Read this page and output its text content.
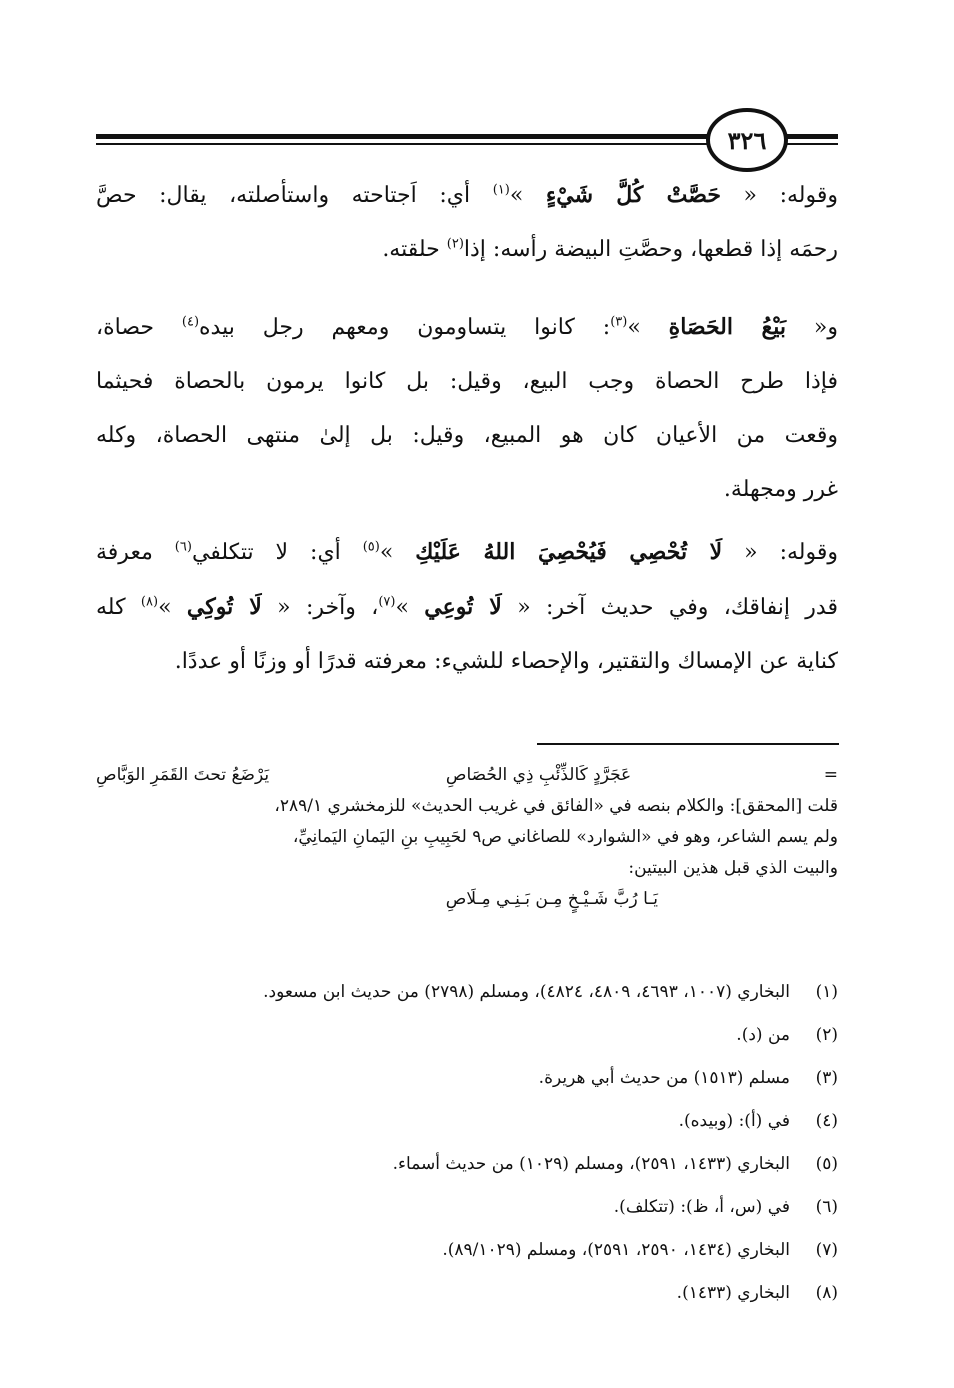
٣٢٦

وقوله: « حَصَّتْ كُلَّ شَيْءٍ »$^{(١)}$ أي: اَجتاحته واستأصلته، يقال: حصَّ

رحمَه إذا قطعها، وحصَّتِ البيضة رأسه: إذا$^{(٢)}$ حلقته.

و« بَيْعُ الحَصَاةِ »$^{(٣)}$: كانوا يتساومون ومعهم رجل بيده$^{(٤)}$ حصاة،

فإذا طرح الحصاة وجب البيع، وقيل: بل كانوا يرمون بالحصاة فحيثما

وقعت من الأعيان كان هو المبيع، وقيل: بل إلىٰ منتهى الحصاة، وكله

غرر ومجهلة.

وقوله: « لَا تُحْصِي فَيُحْصِيَ اللهُ عَلَيْكِ »$^{(٥)}$ أي: لا تتكلفي$^{(٦)}$ معرفة

قدر إنفاقك، وفي حديث آخر: « لَا تُوعِي »$^{(٧)}$، وآخر: « لَا تُوكِي »$^{(٨)}$ كله

كناية عن الإمساك والتقتير، والإحصاء للشيء: معرفته قدرًا أو وزنًا أو عددًا.

=
عَجَرَّدٍ كَالذِّئْبِ ذِي الحُصَاصِ
يَرْضَعُ تحتَ القَمَرِ الوَبَّاصِ

قلت [المحقق]: والكلام بنصه في «الفائق في غريب الحديث» للزمخشري ٢٨٩/١،

ولم يسم الشاعر، وهو في «الشوارد» للصاغاني ص٩ لحَبِيبِ بنِ اليَمانِ اليَمانِيِّ،

والبيت الذي قبل هذين البيتين:

يَـا رُبَّ شَـيْـخٍ مِـن بَـنِـي مِـلَاصِ

(١)
البخاري (١٠٠٧، ٤٦٩٣، ٤٨٠٩، ٤٨٢٤)، ومسلم (٢٧٩٨) من حديث ابن مسعود.
(٢)
من (د).
(٣)
مسلم (١٥١٣) من حديث أبي هريرة.
(٤)
في (أ): (وبيده).
(٥)
البخاري (١٤٣٣، ٢٥٩١)، ومسلم (١٠٢٩) من حديث أسماء.
(٦)
في (س، أ، ظ): (تتكلف).
(٧)
البخاري (١٤٣٤، ٢٥٩٠، ٢٥٩١)، ومسلم (٨٩/١٠٢٩).
(٨)
البخاري (١٤٣٣).
